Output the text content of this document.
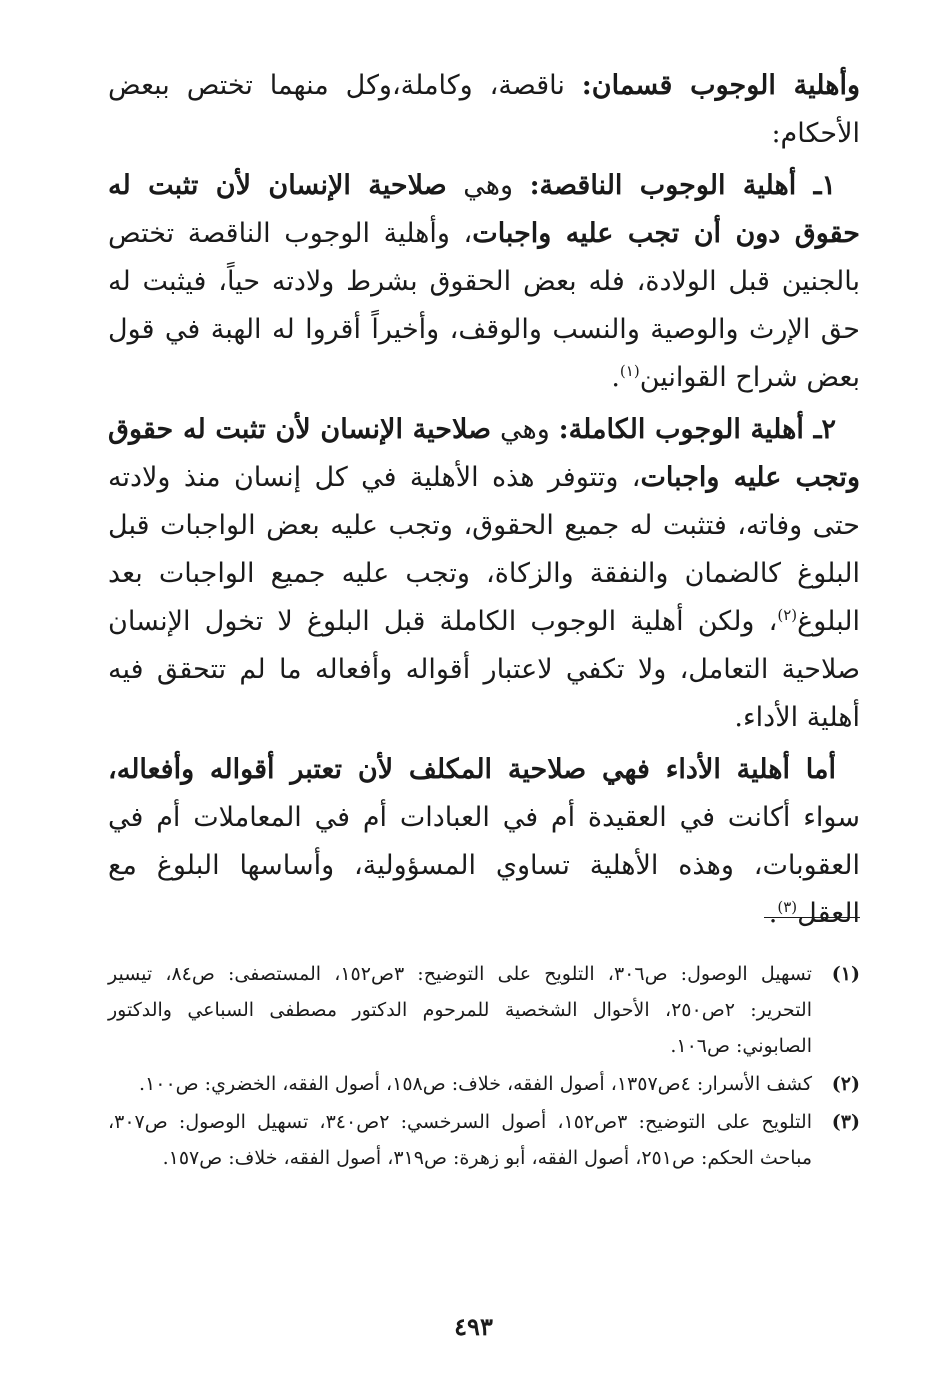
وأهلية الوجوب قسمان: ناقصة، وكاملة،وكل منهما تختص ببعض الأحكام:

١ـ أهلية الوجوب الناقصة: وهي صلاحية الإنسان لأن تثبت له حقوق دون أن تجب عليه واجبات، وأهلية الوجوب الناقصة تختص بالجنين قبل الولادة، فله بعض الحقوق بشرط ولادته حياً، فيثبت له حق الإرث والوصية والنسب والوقف، وأخيراً أقروا له الهبة في قول بعض شراح القوانين$^{(١)}$.

٢ـ أهلية الوجوب الكاملة: وهي صلاحية الإنسان لأن تثبت له حقوق وتجب عليه واجبات، وتتوفر هذه الأهلية في كل إنسان منذ ولادته حتى وفاته، فتثبت له جميع الحقوق، وتجب عليه بعض الواجبات قبل البلوغ كالضمان والنفقة والزكاة، وتجب عليه جميع الواجبات بعد البلوغ$^{(٢)}$، ولكن أهلية الوجوب الكاملة قبل البلوغ لا تخول الإنسان صلاحية التعامل، ولا تكفي لاعتبار أقواله وأفعاله ما لم تتحقق فيه أهلية الأداء.

أما أهلية الأداء فهي صلاحية المكلف لأن تعتبر أقواله وأفعاله، سواء أكانت في العقيدة أم في العبادات أم في المعاملات أم في العقوبات، وهذه الأهلية تساوي المسؤولية، وأساسها البلوغ مع العقل$^{(٣)}$.

(١)
تسهيل الوصول: ص٣٠٦، التلويح على التوضيح: ٣ص١٥٢، المستصفى: ص٨٤، تيسير التحرير: ٢ص٢٥٠، الأحوال الشخصية للمرحوم الدكتور مصطفى السباعي والدكتور الصابوني: ص١٠٦.
(٢)
كشف الأسرار: ٤ص١٣٥٧، أصول الفقه، خلاف: ص١٥٨، أصول الفقه، الخضري: ص١٠٠.
(٣)
التلويح على التوضيح: ٣ص١٥٢، أصول السرخسي: ٢ص٣٤٠، تسهيل الوصول: ص٣٠٧، مباحث الحكم: ص٢٥١، أصول الفقه، أبو زهرة: ص٣١٩، أصول الفقه، خلاف: ص١٥٧.
٤٩٣
